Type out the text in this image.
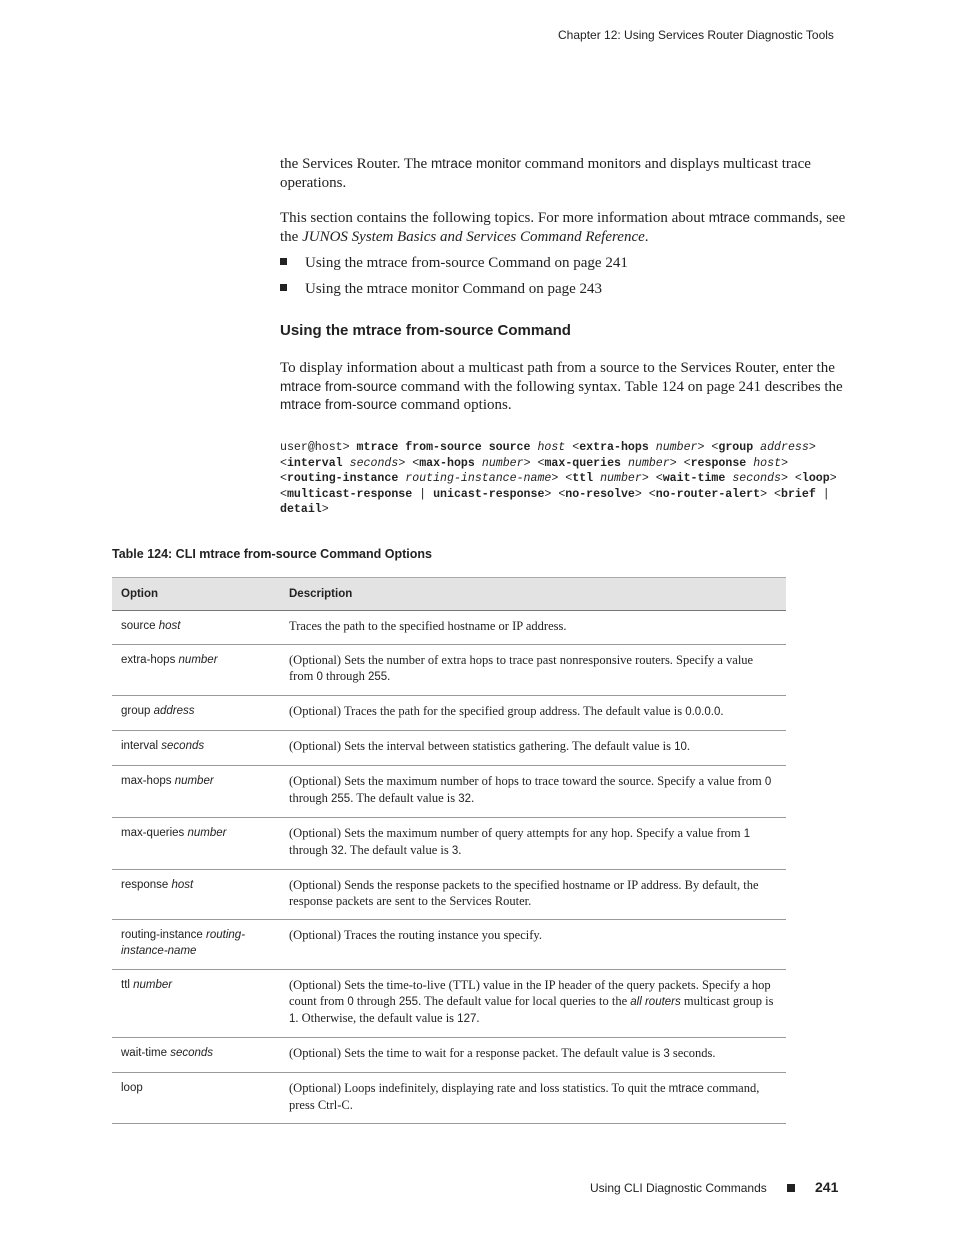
Chapter 12: Using Services Router Diagnostic Tools
the Services Router. The mtrace monitor command monitors and displays multicast trace operations.
This section contains the following topics. For more information about mtrace commands, see the JUNOS System Basics and Services Command Reference.
Using the mtrace from-source Command on page 241
Using the mtrace monitor Command on page 243
Using the mtrace from-source Command
To display information about a multicast path from a source to the Services Router, enter the mtrace from-source command with the following syntax. Table 124 on page 241 describes the mtrace from-source command options.
user@host> mtrace from-source source host <extra-hops number> <group address> <interval seconds> <max-hops number> <max-queries number> <response host> <routing-instance routing-instance-name> <ttl number> <wait-time seconds> <loop> <multicast-response | unicast-response> <no-resolve> <no-router-alert> <brief | detail>
Table 124: CLI mtrace from-source Command Options
Option	Description
source host	Traces the path to the specified hostname or IP address.
extra-hops number	(Optional) Sets the number of extra hops to trace past nonresponsive routers. Specify a value from 0 through 255.
group address	(Optional) Traces the path for the specified group address. The default value is 0.0.0.0.
interval seconds	(Optional) Sets the interval between statistics gathering. The default value is 10.
max-hops number	(Optional) Sets the maximum number of hops to trace toward the source. Specify a value from 0 through 255. The default value is 32.
max-queries number	(Optional) Sets the maximum number of query attempts for any hop. Specify a value from 1 through 32. The default value is 3.
response host	(Optional) Sends the response packets to the specified hostname or IP address. By default, the response packets are sent to the Services Router.
routing-instance routing-instance-name	(Optional) Traces the routing instance you specify.
ttl number	(Optional) Sets the time-to-live (TTL) value in the IP header of the query packets. Specify a hop count from 0 through 255. The default value for local queries to the all routers multicast group is 1. Otherwise, the default value is 127.
wait-time seconds	(Optional) Sets the time to wait for a response packet. The default value is 3 seconds.
loop	(Optional) Loops indefinitely, displaying rate and loss statistics. To quit the mtrace command, press Ctrl-C.
Using CLI Diagnostic Commands	241
